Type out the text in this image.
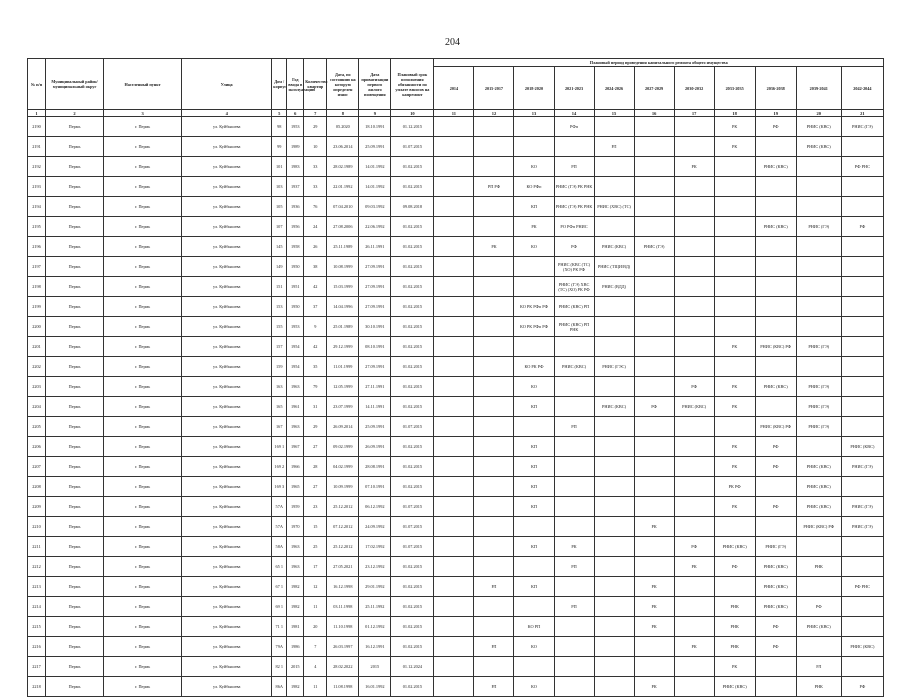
204
№ п/п	Муниципальный район/ муниципальный округ	Населенный пункт	Улица	Дом / корпус	Год ввода в эксплуатацию	Количество квартир	Дата, по состоянию на которую определен износ	Дата приватизации первого жилого помещения	Плановый срок исполнения обязанности по уплате взносов на капремонт	Плановый период проведения капитального ремонта общего имущества										
										2014	2015-2017	2018-2020	2021-2023	2024-2026	2027-2029	2030-2032	2033-2035	2036-2038	2039-2041	2042-2044
1	2	3	4	5	6	7	8	9	10	11	12	13	14	15	16	17	18	19	20	21
2190	Пермь	г. Пермь	ул. Куйбышева	98	1953	29	05.2020	18.10.1991	01.12.2015				РФп				РК	РФ	РНИС (КВС)	РНИС (ГЭ)
2191	Пермь	г. Пермь	ул. Куйбышева	99	1989	10	23.06.2014	25.09.1991	01.07.2015					РЛ			РК		РНИС (КВС)	
2192	Пермь	г. Пермь	ул. Куйбышева	101	1983	33	28.02.1989	14.01.1992	01.02.2015			КО	РП			РК		РНИС (КВС)		РФ РНС
2193	Пермь	г. Пермь	ул. Куйбышева	103	1937	33	22.01.1992	14.01.1992	01.02.2015		РП РФ	КО РФп	РНИС (ГЭ) РК РНК							
2194	Пермь	г. Пермь	ул. Куйбышева	105	1936	76	07.04.2010	09.03.1992	09.08.2018			КП	РНИС (ГЭ) РК РНК	РНИС (ХВС) (ТС)						
2195	Пермь	г. Пермь	ул. Куйбышева	107	1956	24	27.08.2006	22.06.1992	01.02.2015			РК	РО РФп РНИС					РНИС (КВС)	РНИС (ГЭ)	РФ
2196	Пермь	г. Пермь	ул. Куйбышева	145	1958	26	25.11.1989	26.11.1991	01.02.2015		РК	КО	РФ	РНИС (КВС)	РНИС (ГЭ)					
2197	Пермь	г. Пермь	ул. Куйбышева	149	1950	38	10.08.1999	27.09.1991	01.02.2015				РНИС (КВС (ТС) (ХО) РК РФ	РНИС (ТЩИ/ВД)						
2198	Пермь	г. Пермь	ул. Куйбышева	151	1951	42	15.03.1999	27.09.1991	01.02.2015				РНИС (ГЭ) ХВС (ТС) (ХО) РК РФ	РНИС (ВДД)						
2199	Пермь	г. Пермь	ул. Куйбышева	153	1950	37	14.04.1996	27.09.1991	01.02.2015			КО РК РФп РФ	РНИС (КВС) РП							
2200	Пермь	г. Пермь	ул. Куйбышева	155	1953	9	25.01.1989	30.10.1991	01.02.2015			КО РК РФп РФ	РНИС (КВС) РП РНК							
2201	Пермь	г. Пермь	ул. Куйбышева	157	1954	42	29.12.1999	08.10.1991	01.02.2015								РК	РНИС (КВС) РФ	РНИС (ГЭ)	
2202	Пермь	г. Пермь	ул. Куйбышева	159	1954	35	11.01.1999	27.09.1991	01.02.2015			КО РК РФ	РНИС (КВС)	РНИС (ГЭС)						
2203	Пермь	г. Пермь	ул. Куйбышева	163	1963	79	12.05.1999	27.11.1991	01.02.2015			КО				РФ	РК	РНИС (КВС)	РНИС (ГЭ)	
2204	Пермь	г. Пермь	ул. Куйбышева	165	1961	31	23.07.1999	14.11.1991	01.02.2015			КП		РНИС (КВС)	РФ	РНИС (КВС)	РК		РНИС (ГЭ)	
2205	Пермь	г. Пермь	ул. Куйбышева	167	1963	29	26.09.2014	25.09.1991	01.07.2015				РП					РНИС (КВС) РФ	РНИС (ГЭ)	
2206	Пермь	г. Пермь	ул. Куйбышева	169 1	1967	27	09.02.1999	26.09.1991	01.02.2015			КП					РК	РФ		РНИС (КВС)
2207	Пермь	г. Пермь	ул. Куйбышева	169 2	1966	28	04.02.1999	28.08.1991	01.02.2015			КП					РК	РФ	РНИС (КВС)	РНИС (ГЭ)
2208	Пермь	г. Пермь	ул. Куйбышева	169 3	1965	27	10.09.1999	07.10.1991	01.02.2015			КП					РК РФ		РНИС (КВС)	
2209	Пермь	г. Пермь	ул. Куйбышева	57А	1959	23	25.12.2012	06.12.1992	01.07.2015			КП					РК	РФ	РНИС (КВС)	РНИС (ГЭ)
2210	Пермь	г. Пермь	ул. Куйбышева	57А	1970	15	07.12.2012	24.09.1992	01.07.2015						РК				РНИС (КВС) РФ	РНИС (ГЭ)
2211	Пермь	г. Пермь	ул. Куйбышева	58А	1963	25	25.12.2012	17.02.1992	01.07.2015			КП	РК			РФ	РНИС (КВС)	РНИС (ГЭ)		
2212	Пермь	г. Пермь	ул. Куйбышева	65 1	1963	17	27.05.2021	23.12.1992	01.02.2015				РП			РК	РФ	РНИС (КВС)	РНК	
2213	Пермь	г. Пермь	ул. Куйбышева	67 1	1982	12	16.12.1998	29.01.1992	01.02.2015		РЛ	КП			РК			РНИС (КВС)		РФ РНС
2214	Пермь	г. Пермь	ул. Куйбышева	69 1	1982	11	03.11.1998	25.11.1992	01.02.2015				РП		РК		РНК	РНИС (КВС)	РФ	
2215	Пермь	г. Пермь	ул. Куйбышева	71 1	1981	20	11.10.1998	01.12.1992	01.02.2015			КО РП			РК		РНК	РФ	РНИС (КВС)	
2216	Пермь	г. Пермь	ул. Куйбышева	79А	1986	7	26.03.1997	16.12.1991	01.02.2015		РЛ	КО				РК	РНК	РФ		РНИС (КВС)
2217	Пермь	г. Пермь	ул. Куйбышева	82 1	2015	4	28.02.2022	2015	01.12.2024								РК		РЛ	
2218	Пермь	г. Пермь	ул. Куйбышева	86А	1982	11	11.08.1998	16.01.1992	01.02.2015		РЛ	КО			РК		РНИС (КВС)		РНК	РФ
